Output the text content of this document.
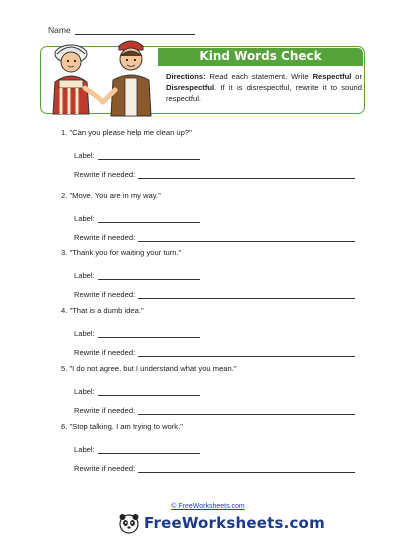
Name
Kind Words Check
Directions: Read each statement. Write Respectful or Disrespectful. If it is disrespectful, rewrite it to sound respectful.
1. "Can you please help me clean up?"
Label:
Rewrite if needed:
2. "Move. You are in my way."
Label:
Rewrite if needed:
3. "Thank you for waiting your turn."
Label:
Rewrite if needed:
4. "That is a dumb idea."
Label:
Rewrite if needed:
5. "I do not agree, but I understand what you mean."
Label:
Rewrite if needed:
6. "Stop talking. I am trying to work."
Label:
Rewrite if needed:
© FreeWorksheets.com
FreeWorksheets.com
